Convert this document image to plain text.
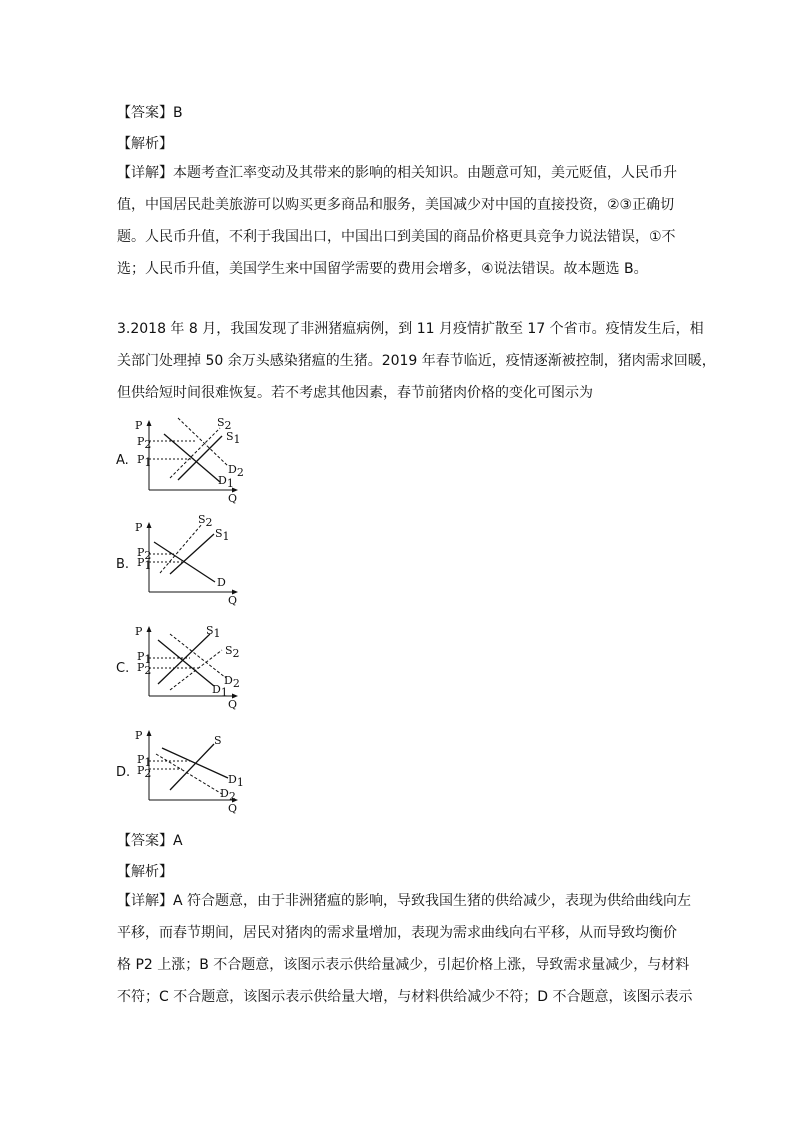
【答案】B
【解析】
【详解】本题考查汇率变动及其带来的影响的相关知识。由题意可知，美元贬值，人民币升
值，中国居民赴美旅游可以购买更多商品和服务，美国减少对中国的直接投资，②③正确切
题。人民币升值，不利于我国出口，中国出口到美国的商品价格更具竞争力说法错误，①不
选；人民币升值，美国学生来中国留学需要的费用会增多，④说法错误。故本题选 B。
3.2018 年 8 月，我国发现了非洲猪瘟病例，到 11 月疫情扩散至 17 个省市。疫情发生后，相
关部门处理掉 50 余万头感染猪瘟的生猪。2019 年春节临近，疫情逐渐被控制，猪肉需求回暖，
但供给短时间很难恢复。若不考虑其他因素，春节前猪肉价格的变化可图示为
A.
P
Q
P2
P1
S2
S1
D2
D1
B.
P
Q
P2
P1
S2
S1
D
C.
P
Q
P1
P2
S1
S2
D2
D1
D.
P
Q
P1
P2
S
D1
D2
【答案】A
【解析】
【详解】A 符合题意，由于非洲猪瘟的影响，导致我国生猪的供给减少，表现为供给曲线向左
平移，而春节期间，居民对猪肉的需求量增加，表现为需求曲线向右平移，从而导致均衡价
格 P2 上涨；B 不合题意，该图示表示供给量减少，引起价格上涨，导致需求量减少，与材料
不符；C 不合题意，该图示表示供给量大增，与材料供给减少不符；D 不合题意，该图示表示
